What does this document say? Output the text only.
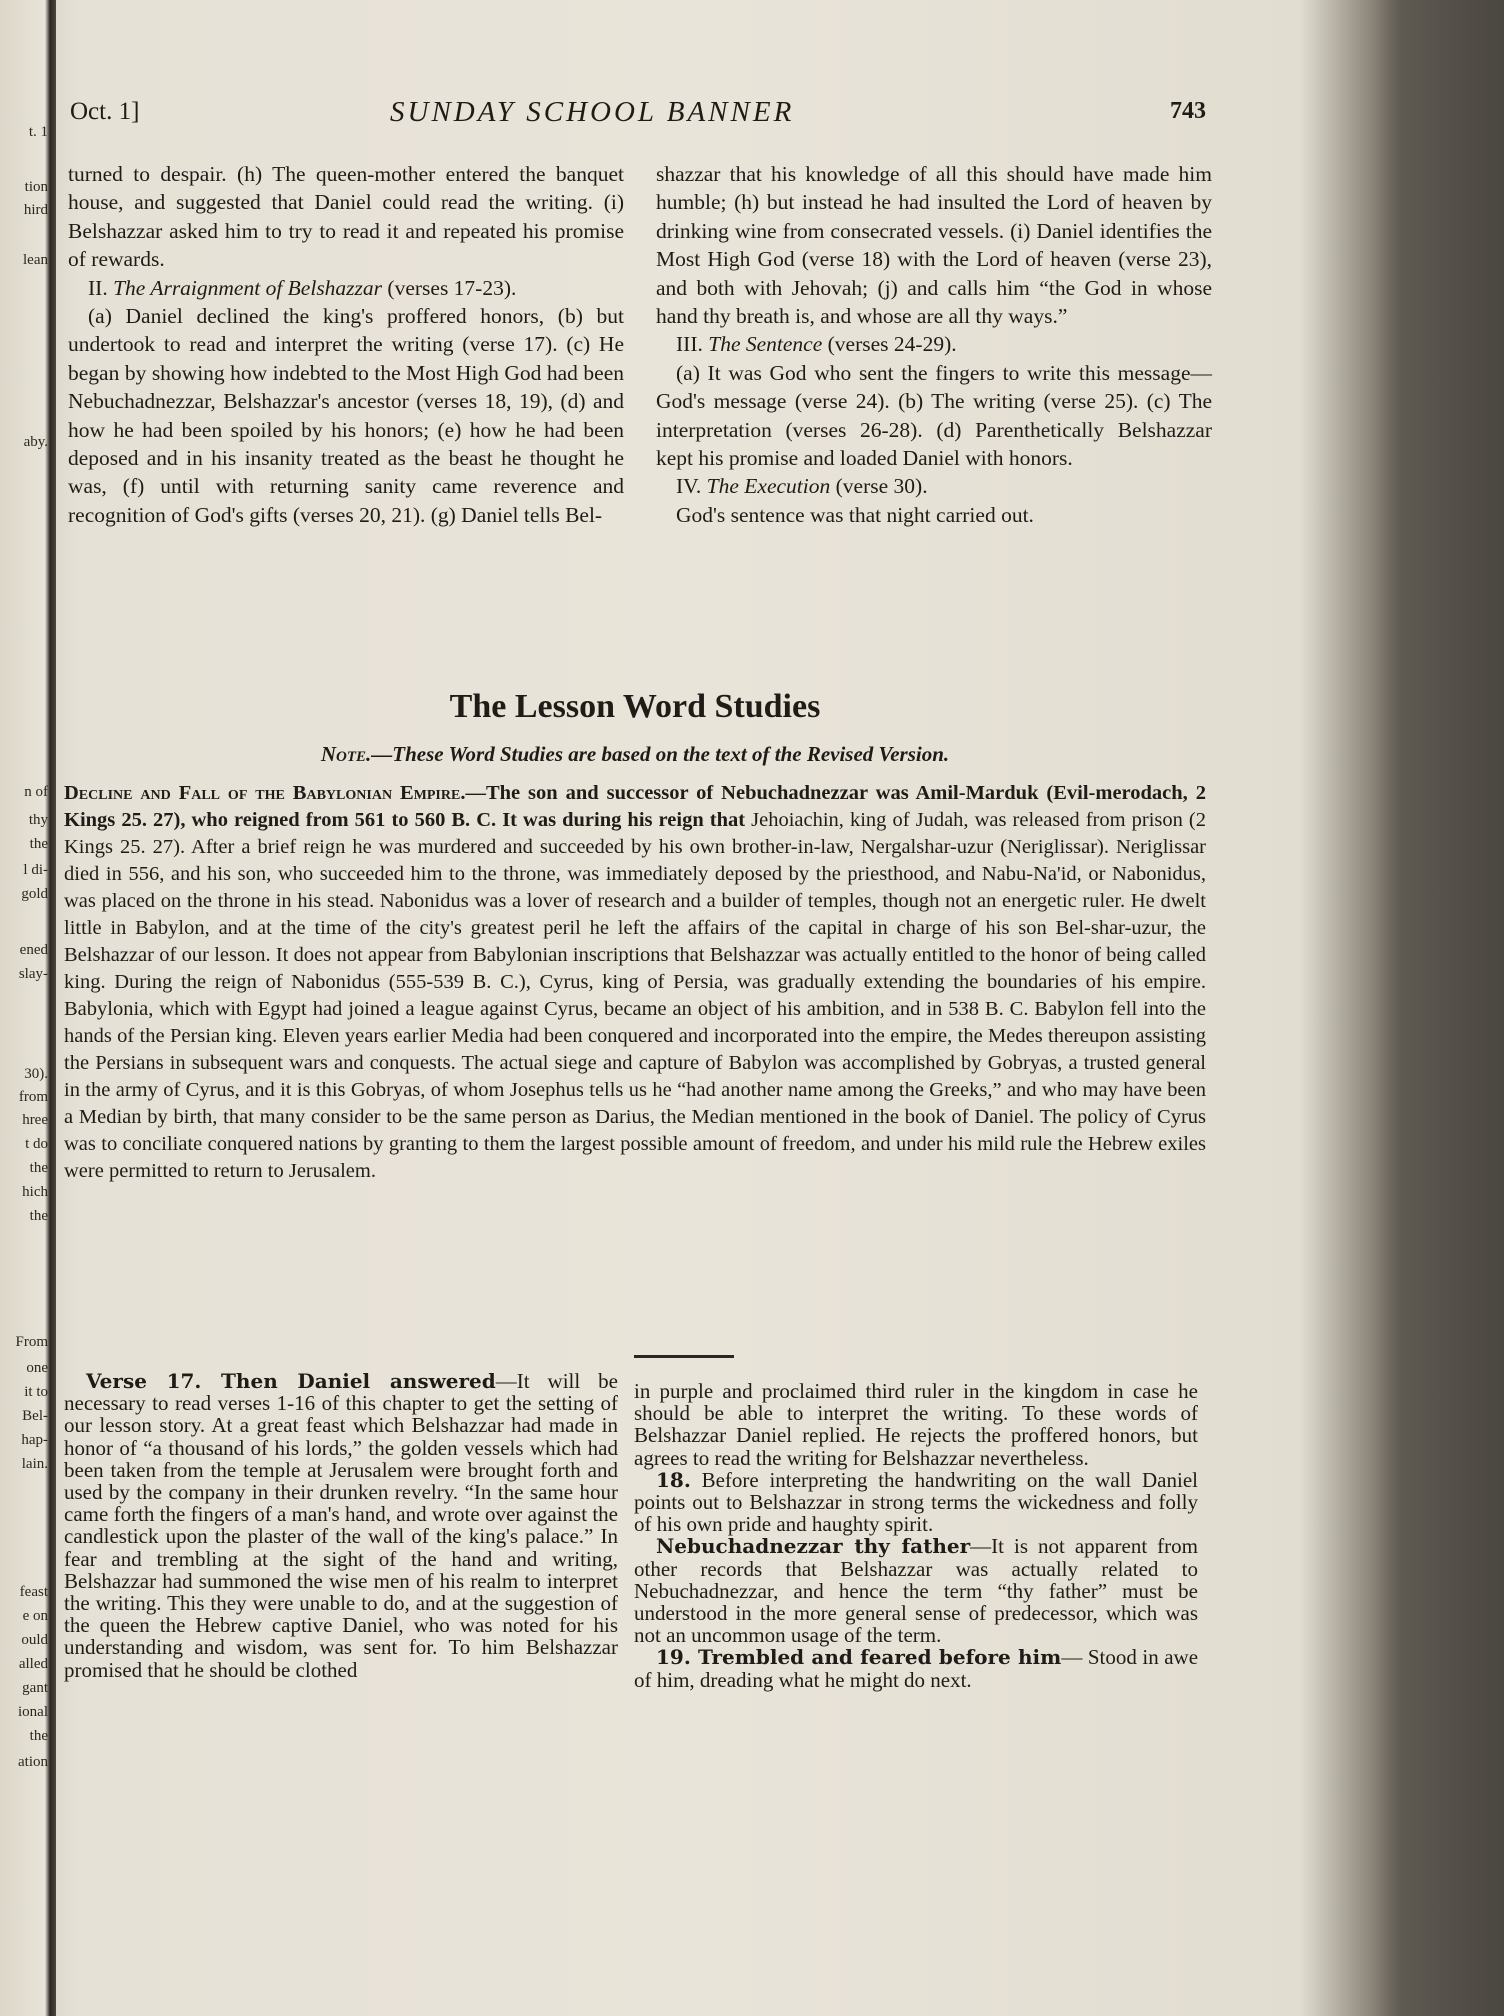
t. 1
tion
hird
lean
aby.
n of
thy
the
l di-
gold
ened
slay-
30).
from
hree
t do
the
hich
the
From
one
it to
Bel-
hap-
lain.
feast
e on
ould
alled
gant
ional
the
ation
Oct. 1]	SUNDAY SCHOOL BANNER	743

turned to despair. (h) The queen-mother entered the banquet house, and suggested that Daniel could read the writing. (i) Belshazzar asked him to try to read it and repeated his promise of rewards.

II. The Arraignment of Belshazzar (verses 17-23).

(a) Daniel declined the king's proffered honors, (b) but undertook to read and interpret the writing (verse 17). (c) He began by showing how indebted to the Most High God had been Nebuchadnezzar, Belshazzar's ancestor (verses 18, 19), (d) and how he had been spoiled by his honors; (e) how he had been deposed and in his insanity treated as the beast he thought he was, (f) until with returning sanity came reverence and recognition of God's gifts (verses 20, 21). (g) Daniel tells Bel-

shazzar that his knowledge of all this should have made him humble; (h) but instead he had insulted the Lord of heaven by drinking wine from consecrated vessels. (i) Daniel identifies the Most High God (verse 18) with the Lord of heaven (verse 23), and both with Jehovah; (j) and calls him “the God in whose hand thy breath is, and whose are all thy ways.”

III. The Sentence (verses 24-29).

(a) It was God who sent the fingers to write this message—God's message (verse 24). (b) The writing (verse 25). (c) The interpretation (verses 26-28). (d) Parenthetically Belshazzar kept his promise and loaded Daniel with honors.

IV. The Execution (verse 30).

God's sentence was that night carried out.

The Lesson Word Studies
Note.—These Word Studies are based on the text of the Revised Version.
Decline and Fall of the Babylonian Empire.—The son and successor of Nebuchadnezzar was Amil-Marduk (Evil-merodach, 2 Kings 25. 27), who reigned from 561 to 560 B. C. It was during his reign that Jehoiachin, king of Judah, was released from prison (2 Kings 25. 27). After a brief reign he was murdered and succeeded by his own brother-in-law, Nergalshar-uzur (Neriglissar). Neriglissar died in 556, and his son, who succeeded him to the throne, was immediately deposed by the priesthood, and Nabu-Na'id, or Nabonidus, was placed on the throne in his stead. Nabonidus was a lover of research and a builder of temples, though not an energetic ruler. He dwelt little in Babylon, and at the time of the city's greatest peril he left the affairs of the capital in charge of his son Bel-shar-uzur, the Belshazzar of our lesson. It does not appear from Babylonian inscriptions that Belshazzar was actually entitled to the honor of being called king. During the reign of Nabonidus (555-539 B. C.), Cyrus, king of Persia, was gradually extending the boundaries of his empire. Babylonia, which with Egypt had joined a league against Cyrus, became an object of his ambition, and in 538 B. C. Babylon fell into the hands of the Persian king. Eleven years earlier Media had been conquered and incorporated into the empire, the Medes thereupon assisting the Persians in subsequent wars and conquests. The actual siege and capture of Babylon was accomplished by Gobryas, a trusted general in the army of Cyrus, and it is this Gobryas, of whom Josephus tells us he “had another name among the Greeks,” and who may have been a Median by birth, that many consider to be the same person as Darius, the Median mentioned in the book of Daniel. The policy of Cyrus was to conciliate conquered nations by granting to them the largest possible amount of freedom, and under his mild rule the Hebrew exiles were permitted to return to Jerusalem.

Verse 17. Then Daniel answered—It will be necessary to read verses 1-16 of this chapter to get the setting of our lesson story. At a great feast which Belshazzar had made in honor of “a thousand of his lords,” the golden vessels which had been taken from the temple at Jerusalem were brought forth and used by the company in their drunken revelry. “In the same hour came forth the fingers of a man's hand, and wrote over against the candlestick upon the plaster of the wall of the king's palace.” In fear and trembling at the sight of the hand and writing, Belshazzar had summoned the wise men of his realm to interpret the writing. This they were unable to do, and at the suggestion of the queen the Hebrew captive Daniel, who was noted for his understanding and wisdom, was sent for. To him Belshazzar promised that he should be clothed

in purple and proclaimed third ruler in the kingdom in case he should be able to interpret the writing. To these words of Belshazzar Daniel replied. He rejects the proffered honors, but agrees to read the writing for Belshazzar nevertheless.

18. Before interpreting the handwriting on the wall Daniel points out to Belshazzar in strong terms the wickedness and folly of his own pride and haughty spirit.

Nebuchadnezzar thy father—It is not apparent from other records that Belshazzar was actually related to Nebuchadnezzar, and hence the term “thy father” must be understood in the more general sense of predecessor, which was not an uncommon usage of the term.

19. Trembled and feared before him— Stood in awe of him, dreading what he might do next.
